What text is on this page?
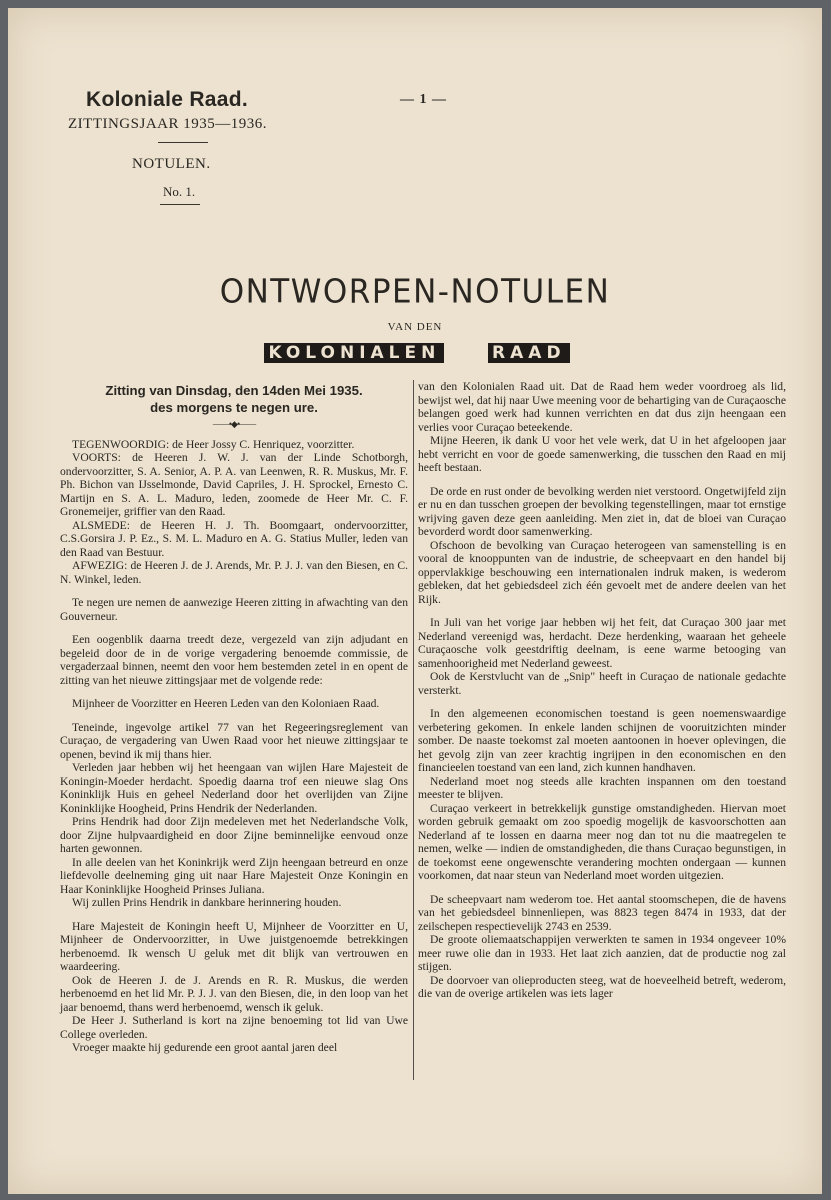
Koloniale Raad.
ZITTINGSJAAR 1935—1936.
NOTULEN.
No. 1.
— 1 —
ONTWORPEN-NOTULEN
VAN DEN
KOLONIALEN	RAAD
Zitting van Dinsdag, den 14den Mei 1935.
des morgens te negen ure.
——•◆•——

TEGENWOORDIG: de Heer Jossy C. Henriquez, voorzitter.

VOORTS: de Heeren J. W. J. van der Linde Schotborgh, ondervoorzitter, S. A. Senior, A. P. A. van Leenwen, R. R. Muskus, Mr. F. Ph. Bichon van IJsselmonde, David Capriles, J. H. Sprockel, Ernesto C. Martijn en S. A. L. Maduro, leden, zoomede de Heer Mr. C. F. Gronemeijer, griffier van den Raad.

ALSMEDE: de Heeren H. J. Th. Boomgaart, ondervoorzitter, C.S.Gorsira J. P. Ez., S. M. L. Maduro en A. G. Statius Muller, leden van den Raad van Bestuur.

AFWEZIG: de Heeren J. de J. Arends, Mr. P. J. J. van den Biesen, en C. N. Winkel, leden.

Te negen ure nemen de aanwezige Heeren zitting in afwachting van den Gouverneur.

Een oogenblik daarna treedt deze, vergezeld van zijn adjudant en begeleid door de in de vorige vergadering benoemde commissie, de vergaderzaal binnen, neemt den voor hem bestemden zetel in en opent de zitting van het nieuwe zittingsjaar met de volgende rede:

Mijnheer de Voorzitter en Heeren Leden van den Koloniaen Raad.

Teneinde, ingevolge artikel 77 van het Regeeringsreglement van Curaçao, de vergadering van Uwen Raad voor het nieuwe zittingsjaar te openen, bevind ik mij thans hier.

Verleden jaar hebben wij het heengaan van wijlen Hare Majesteit de Koningin-Moeder herdacht. Spoedig daarna trof een nieuwe slag Ons Koninklijk Huis en geheel Nederland door het overlijden van Zijne Koninklijke Hoogheid, Prins Hendrik der Nederlanden.

Prins Hendrik had door Zijn medeleven met het Nederlandsche Volk, door Zijne hulpvaardigheid en door Zijne beminnelijke eenvoud onze harten gewonnen.

In alle deelen van het Koninkrijk werd Zijn heengaan betreurd en onze liefdevolle deelneming ging uit naar Hare Majesteit Onze Koningin en Haar Koninklijke Hoogheid Prinses Juliana.

Wij zullen Prins Hendrik in dankbare herinnering houden.

Hare Majesteit de Koningin heeft U, Mijnheer de Voorzitter en U, Mijnheer de Ondervoorzitter, in Uwe juistgenoemde betrekkingen herbenoemd. Ik wensch U geluk met dit blijk van vertrouwen en waardeering.

Ook de Heeren J. de J. Arends en R. R. Muskus, die werden herbenoemd en het lid Mr. P. J. J. van den Biesen, die, in den loop van het jaar benoemd, thans werd herbenoemd, wensch ik geluk.

De Heer J. Sutherland is kort na zijne benoeming tot lid van Uwe College overleden.

Vroeger maakte hij gedurende een groot aantal jaren deel

van den Kolonialen Raad uit. Dat de Raad hem weder voordroeg als lid, bewijst wel, dat hij naar Uwe meening voor de behartiging van de Curaçaosche belangen goed werk had kunnen verrichten en dat dus zijn heengaan een verlies voor Curaçao beteekende.

Mijne Heeren, ik dank U voor het vele werk, dat U in het afgeloopen jaar hebt verricht en voor de goede samenwerking, die tusschen den Raad en mij heeft bestaan.

De orde en rust onder de bevolking werden niet verstoord. Ongetwijfeld zijn er nu en dan tusschen groepen der bevolking tegenstellingen, maar tot ernstige wrijving gaven deze geen aanleiding. Men ziet in, dat de bloei van Curaçao bevorderd wordt door samenwerking.

Ofschoon de bevolking van Curaçao heterogeen van samenstelling is en vooral de knooppunten van de industrie, de scheepvaart en den handel bij oppervlakkige beschouwing een internationalen indruk maken, is wederom gebleken, dat het gebiedsdeel zich één gevoelt met de andere deelen van het Rijk.

In Juli van het vorige jaar hebben wij het feit, dat Curaçao 300 jaar met Nederland vereenigd was, herdacht. Deze herdenking, waaraan het geheele Curaçaosche volk geestdriftig deelnam, is eene warme betooging van samenhoorigheid met Nederland geweest.

Ook de Kerstvlucht van de „Snip" heeft in Curaçao de nationale gedachte versterkt.

In den algemeenen economischen toestand is geen noemenswaardige verbetering gekomen. In enkele landen schijnen de vooruitzichten minder somber. De naaste toekomst zal moeten aantoonen in hoever oplevingen, die het gevolg zijn van zeer krachtig ingrijpen in den economischen en den financieelen toestand van een land, zich kunnen handhaven.

Nederland moet nog steeds alle krachten inspannen om den toestand meester te blijven.

Curaçao verkeert in betrekkelijk gunstige omstandigheden. Hiervan moet worden gebruik gemaakt om zoo spoedig mogelijk de kasvoorschotten aan Nederland af te lossen en daarna meer nog dan tot nu die maatregelen te nemen, welke — indien de omstandigheden, die thans Curaçao begunstigen, in de toekomst eene ongewenschte verandering mochten ondergaan — kunnen voorkomen, dat naar steun van Nederland moet worden uitgezien.

De scheepvaart nam wederom toe. Het aantal stoomschepen, die de havens van het gebiedsdeel binnenliepen, was 8823 tegen 8474 in 1933, dat der zeilschepen respectievelijk 2743 en 2539.

De groote oliemaatschappijen verwerkten te samen in 1934 ongeveer 10% meer ruwe olie dan in 1933. Het laat zich aanzien, dat de productie nog zal stijgen.

De doorvoer van olieproducten steeg, wat de hoeveelheid betreft, wederom, die van de overige artikelen was iets lager
